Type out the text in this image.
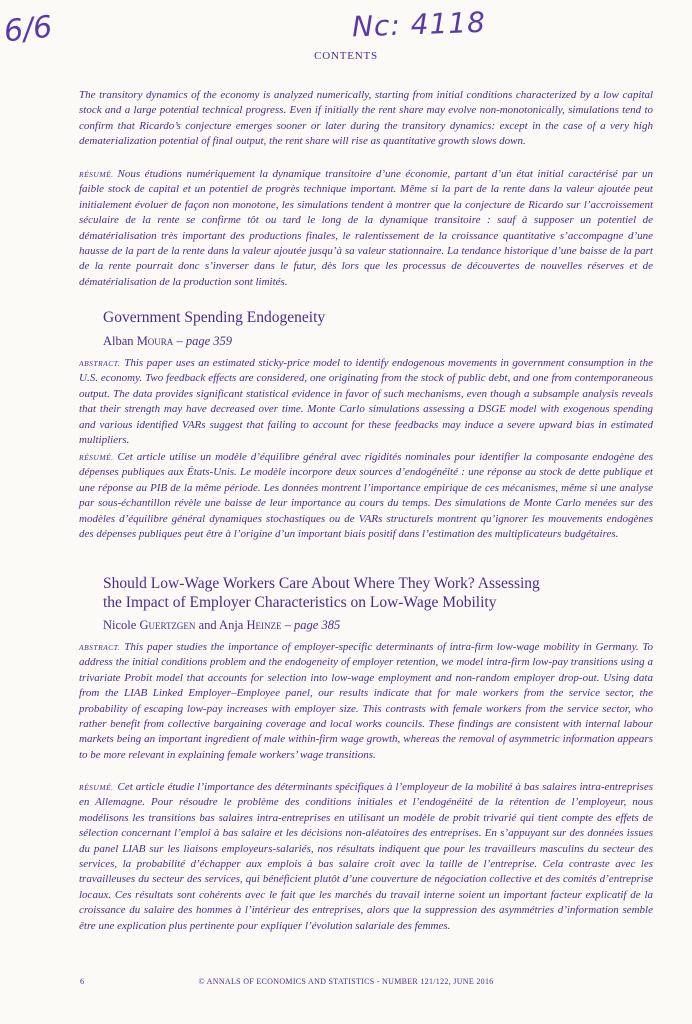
6/6	Nc: 4118
CONTENTS

The transitory dynamics of the economy is analyzed numerically, starting from initial conditions characterized by a low capital stock and a large potential technical progress. Even if initially the rent share may evolve non-monotonically, simulations tend to confirm that Ricardo’s conjecture emerges sooner or later during the transitory dynamics: except in the case of a very high dematerialization potential of final output, the rent share will rise as quantitative growth slows down.

RÉSUMÉ. Nous étudions numériquement la dynamique transitoire d’une économie, partant d’un état initial caractérisé par un faible stock de capital et un potentiel de progrès technique important. Même si la part de la rente dans la valeur ajoutée peut initialement évoluer de façon non monotone, les simulations tendent à montrer que la conjecture de Ricardo sur l’accroissement séculaire de la rente se confirme tôt ou tard le long de la dynamique transitoire : sauf à supposer un potentiel de dématérialisation très important des productions finales, le ralentissement de la croissance quantitative s’accompagne d’une hausse de la part de la rente dans la valeur ajoutée jusqu’à sa valeur stationnaire. La tendance historique d’une baisse de la part de la rente pourrait donc s’inverser dans le futur, dès lors que les processus de découvertes de nouvelles réserves et de dématérialisation de la production sont limités.

Government Spending Endogeneity

Alban Moura – page 359

ABSTRACT. This paper uses an estimated sticky-price model to identify endogenous movements in government consumption in the U.S. economy. Two feedback effects are considered, one originating from the stock of public debt, and one from contemporaneous output. The data provides significant statistical evidence in favor of such mechanisms, even though a subsample analysis reveals that their strength may have decreased over time. Monte Carlo simulations assessing a DSGE model with exogenous spending and various identified VARs suggest that failing to account for these feedbacks may induce a severe upward bias in estimated multipliers.

RÉSUMÉ. Cet article utilise un modèle d’équilibre général avec rigidités nominales pour identifier la composante endogène des dépenses publiques aux États-Unis. Le modèle incorpore deux sources d’endogénéité : une réponse au stock de dette publique et une réponse au PIB de la même période. Les données montrent l’importance empirique de ces mécanismes, même si une analyse par sous-échantillon révèle une baisse de leur importance au cours du temps. Des simulations de Monte Carlo menées sur des modèles d’équilibre général dynamiques stochastiques ou de VARs structurels montrent qu’ignorer les mouvements endogènes des dépenses publiques peut être à l’origine d’un important biais positif dans l’estimation des multiplicateurs budgétaires.

Should Low-Wage Workers Care About Where They Work? Assessing
the Impact of Employer Characteristics on Low-Wage Mobility

Nicole Guertzgen and Anja Heinze – page 385

ABSTRACT. This paper studies the importance of employer-specific determinants of intra-firm low-wage mobility in Germany. To address the initial conditions problem and the endogeneity of employer retention, we model intra-firm low-pay transitions using a trivariate Probit model that accounts for selection into low-wage employment and non-random employer drop-out. Using data from the LIAB Linked Employer–Employee panel, our results indicate that for male workers from the service sector, the probability of escaping low-pay increases with employer size. This contrasts with female workers from the service sector, who rather benefit from collective bargaining coverage and local works councils. These findings are consistent with internal labour markets being an important ingredient of male within-firm wage growth, whereas the removal of asymmetric information appears to be more relevant in explaining female workers’ wage transitions.

RÉSUMÉ. Cet article étudie l’importance des déterminants spécifiques à l’employeur de la mobilité à bas salaires intra-entreprises en Allemagne. Pour résoudre le problème des conditions initiales et l’endogénéité de la rétention de l’employeur, nous modélisons les transitions bas salaires intra-entreprises en utilisant un modèle de probit trivarié qui tient compte des effets de sélection concernant l’emploi à bas salaire et les décisions non-aléatoires des entreprises. En s’appuyant sur des données issues du panel LIAB sur les liaisons employeurs-salariés, nos résultats indiquent que pour les travailleurs masculins du secteur des services, la probabilité d’échapper aux emplois à bas salaire croît avec la taille de l’entreprise. Cela contraste avec les travailleuses du secteur des services, qui bénéficient plutôt d’une couverture de négociation collective et des comités d’entreprise locaux. Ces résultats sont cohérents avec le fait que les marchés du travail interne soient un important facteur explicatif de la croissance du salaire des hommes à l’intérieur des entreprises, alors que la suppression des asymmétries d’information semble être une explication plus pertinente pour expliquer l’évolution salariale des femmes.

6	© ANNALS OF ECONOMICS AND STATISTICS - NUMBER 121/122, JUNE 2016
